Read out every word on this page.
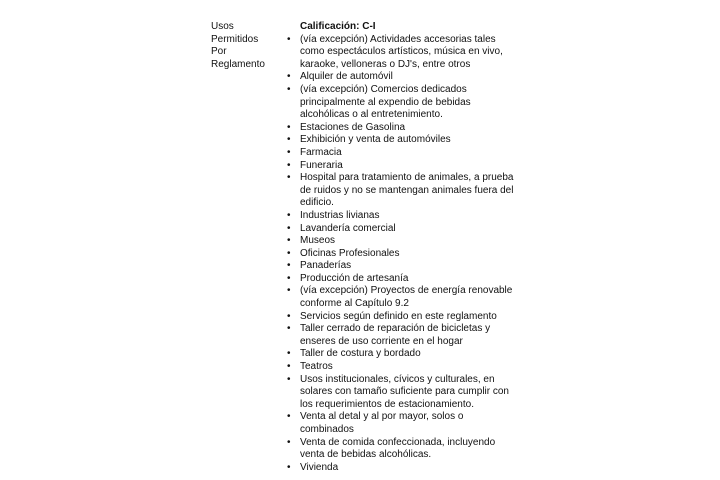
Usos
Permitidos
Por
Reglamento
Calificación: C-I
• (vía excepción) Actividades accesorias tales como espectáculos artísticos, música en vivo, karaoke, velloneras o DJ's, entre otros
• Alquiler de automóvil
• (vía excepción) Comercios dedicados principalmente al expendio de bebidas alcohólicas o al entretenimiento.
• Estaciones de Gasolina
• Exhibición y venta de automóviles
• Farmacia
• Funeraria
• Hospital para tratamiento de animales, a prueba de ruidos y no se mantengan animales fuera del edificio.
• Industrias livianas
• Lavandería comercial
• Museos
• Oficinas Profesionales
• Panaderías
• Producción de artesanía
• (vía excepción) Proyectos de energía renovable conforme al Capítulo 9.2
• Servicios según definido en este reglamento
• Taller cerrado de reparación de bicicletas y enseres de uso corriente en el hogar
• Taller de costura y bordado
• Teatros
• Usos institucionales, cívicos y culturales, en solares con tamaño suficiente para cumplir con los requerimientos de estacionamiento.
• Venta al detal y al por mayor, solos o combinados
• Venta de comida confeccionada, incluyendo venta de bebidas alcohólicas.
• Vivienda
